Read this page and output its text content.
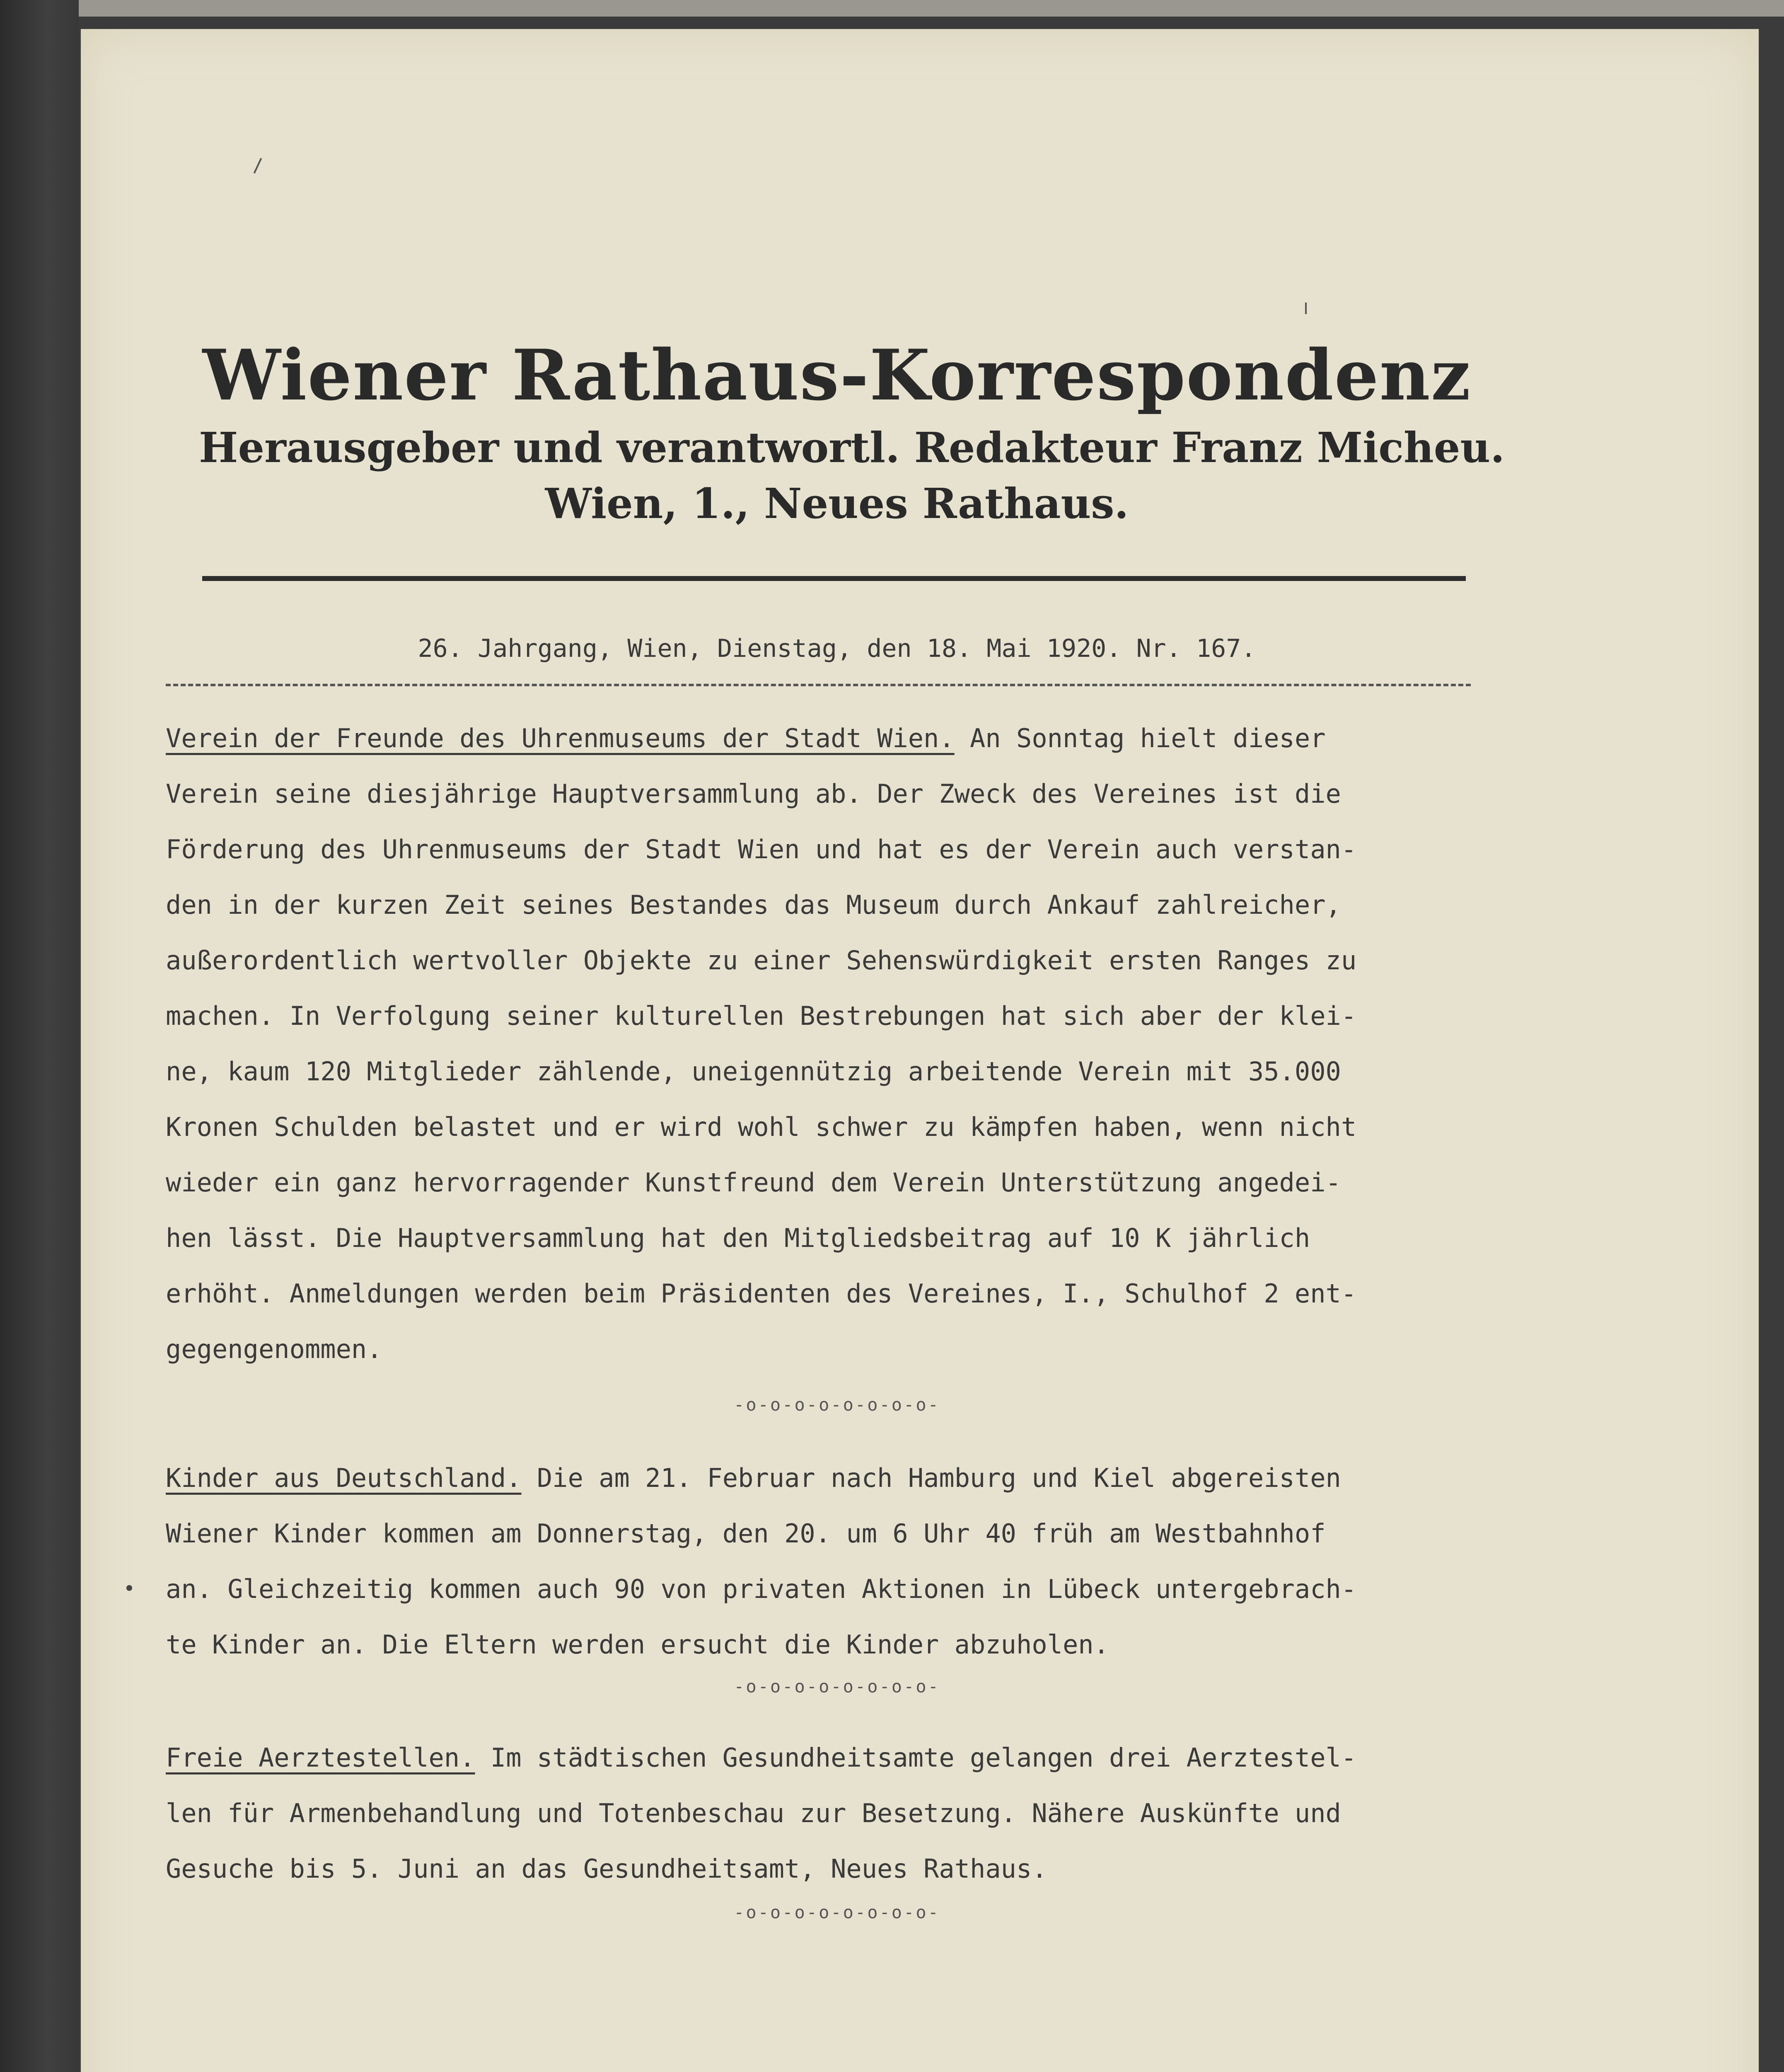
Wiener Rathaus-Korrespondenz
Herausgeber und verantwortl. Redakteur Franz Micheu.
Wien, 1., Neues Rathaus.
26. Jahrgang, Wien, Dienstag, den 18. Mai 1920. Nr. 167.
Verein der Freunde des Uhrenmuseums der Stadt Wien. An Sonntag hielt dieser
Verein seine diesjährige Hauptversammlung ab. Der Zweck des Vereines ist die
Förderung des Uhrenmuseums der Stadt Wien und hat es der Verein auch verstan-
den in der kurzen Zeit seines Bestandes das Museum durch Ankauf zahlreicher,
außerordentlich wertvoller Objekte zu einer Sehenswürdigkeit ersten Ranges zu
machen. In Verfolgung seiner kulturellen Bestrebungen hat sich aber der klei-
ne, kaum 120 Mitglieder zählende, uneigennützig arbeitende Verein mit 35.000
Kronen Schulden belastet und er wird wohl schwer zu kämpfen haben, wenn nicht
wieder ein ganz hervorragender Kunstfreund dem Verein Unterstützung angedei-
hen lässt. Die Hauptversammlung hat den Mitgliedsbeitrag auf 10 K jährlich
erhöht. Anmeldungen werden beim Präsidenten des Vereines, I., Schulhof 2 ent-
gegengenommen.
-o-o-o-o-o-o-o-o-
Kinder aus Deutschland. Die am 21. Februar nach Hamburg und Kiel abgereisten
Wiener Kinder kommen am Donnerstag, den 20. um 6 Uhr 40 früh am Westbahnhof
an. Gleichzeitig kommen auch 90 von privaten Aktionen in Lübeck untergebrach-
te Kinder an. Die Eltern werden ersucht die Kinder abzuholen.
-o-o-o-o-o-o-o-o-
Freie Aerztestellen. Im städtischen Gesundheitsamte gelangen drei Aerztestel-
len für Armenbehandlung und Totenbeschau zur Besetzung. Nähere Auskünfte und
Gesuche bis 5. Juni an das Gesundheitsamt, Neues Rathaus.
-o-o-o-o-o-o-o-o-
